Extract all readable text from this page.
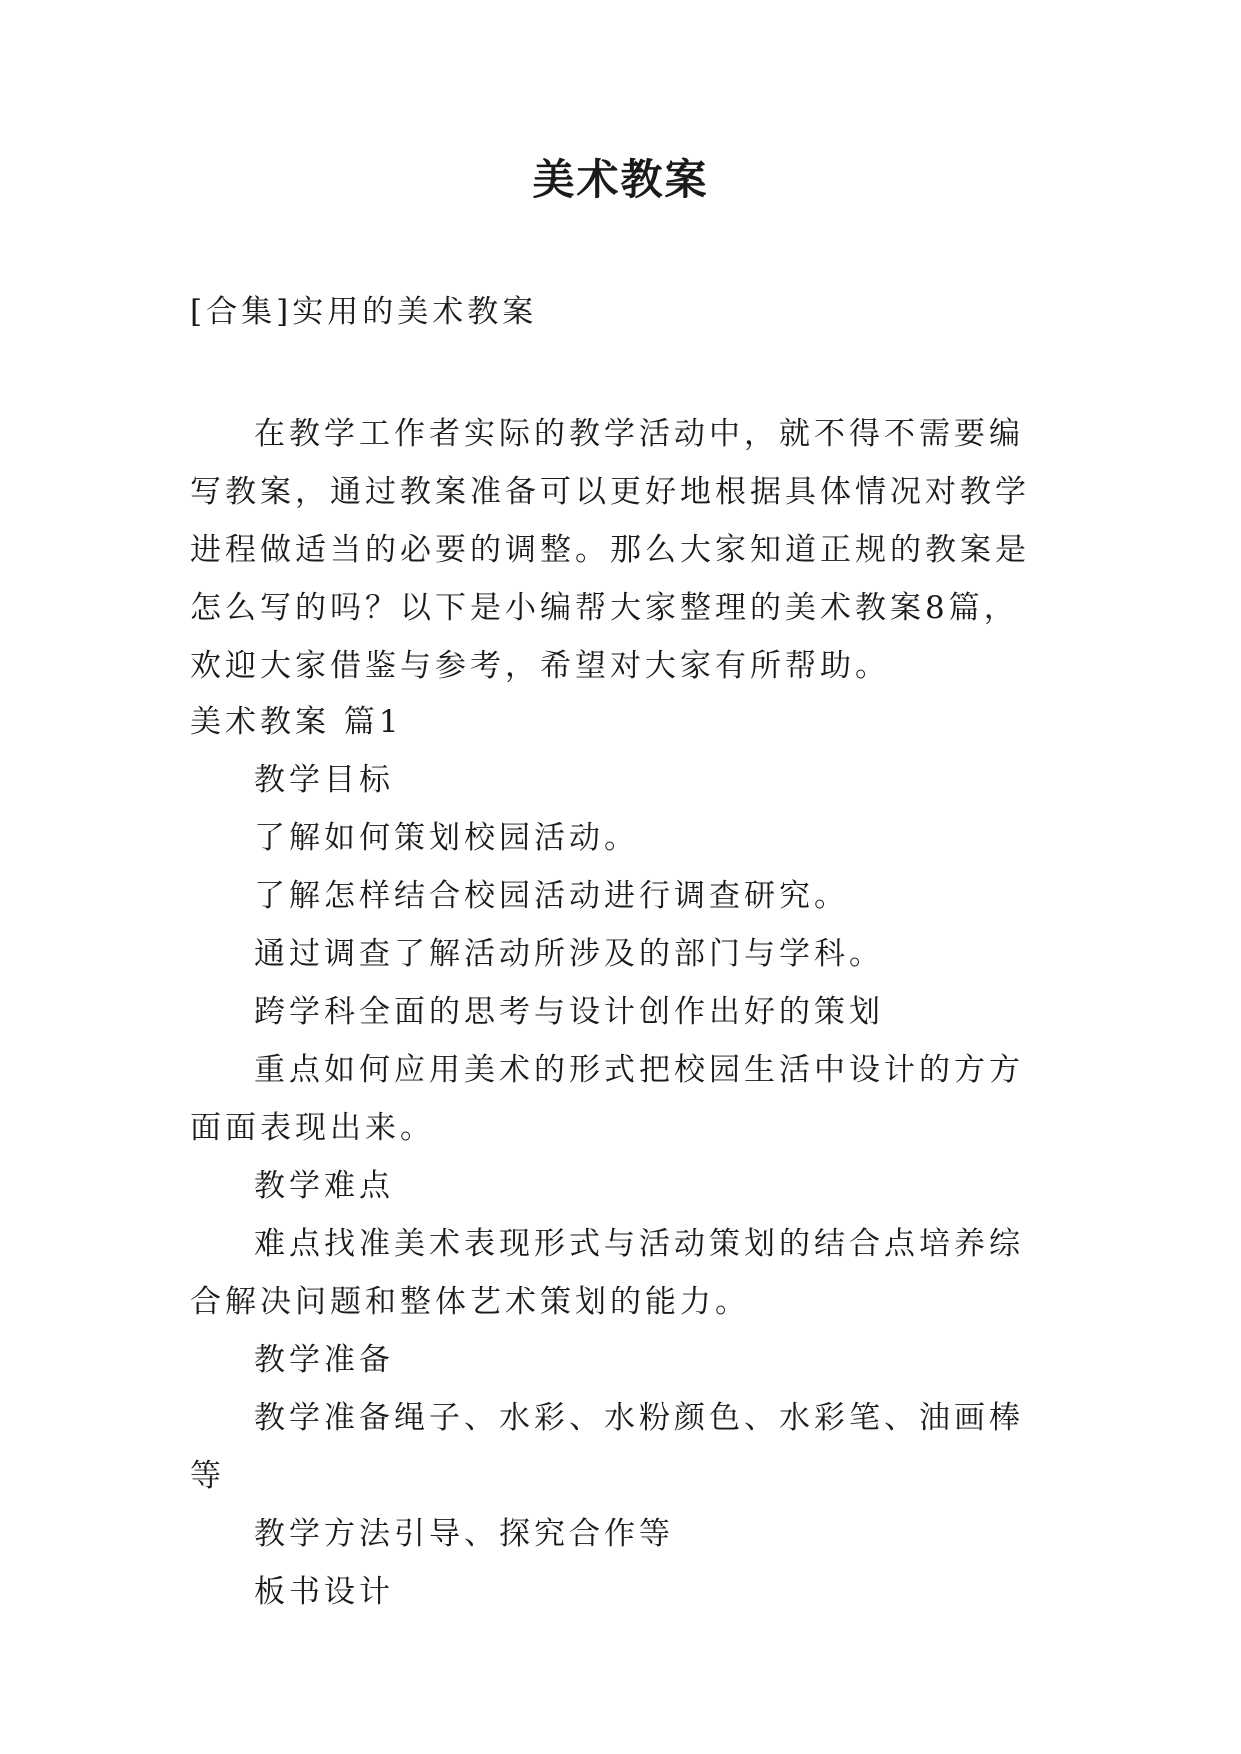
美术教案
[合集]实用的美术教案

在教学工作者实际的教学活动中，就不得不需要编写教案，通过教案准备可以更好地根据具体情况对教学进程做适当的必要的调整。那么大家知道正规的教案是怎么写的吗？以下是小编帮大家整理的美术教案8篇，欢迎大家借鉴与参考，希望对大家有所帮助。

美术教案 篇1

教学目标

了解如何策划校园活动。

了解怎样结合校园活动进行调查研究。

通过调查了解活动所涉及的部门与学科。

跨学科全面的思考与设计创作出好的策划

重点如何应用美术的形式把校园生活中设计的方方面面表现出来。

教学难点

难点找准美术表现形式与活动策划的结合点培养综合解决问题和整体艺术策划的能力。

教学准备

教学准备绳子、水彩、水粉颜色、水彩笔、油画棒等

教学方法引导、探究合作等

板书设计
